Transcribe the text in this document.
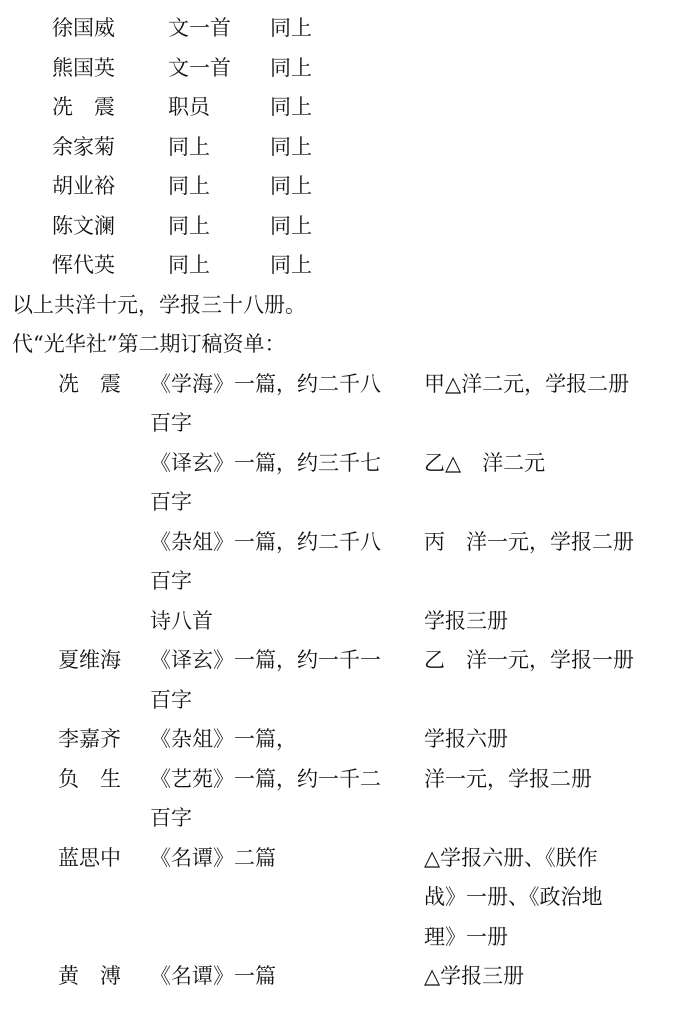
徐国威	文一首 同上
熊国英	文一首 同上
冼　震	职员	同上
余家菊	同上	同上
胡业裕	同上	同上
陈文澜	同上	同上
恽代英	同上	同上
以上共洋十元，学报三十八册。
代“光华社”第二期订稿资单：
冼　震 《学海》一篇，约二千八 甲△洋二元，学报二册
百字
《译玄》一篇，约三千七 乙△　洋二元
百字
《杂俎》一篇，约二千八 丙　洋一元，学报二册
百字
诗八首	学报三册
夏维海 《译玄》一篇，约一千一 乙　洋一元，学报一册
百字
李嘉齐 《杂俎》一篇，	学报六册
负　生 《艺苑》一篇，约一千二 洋一元，学报二册
百字
蓝思中 《名谭》二篇	△学报六册、《朕作
战》一册、《政治地
理》一册
黄　溥 《名谭》一篇	△学报三册
